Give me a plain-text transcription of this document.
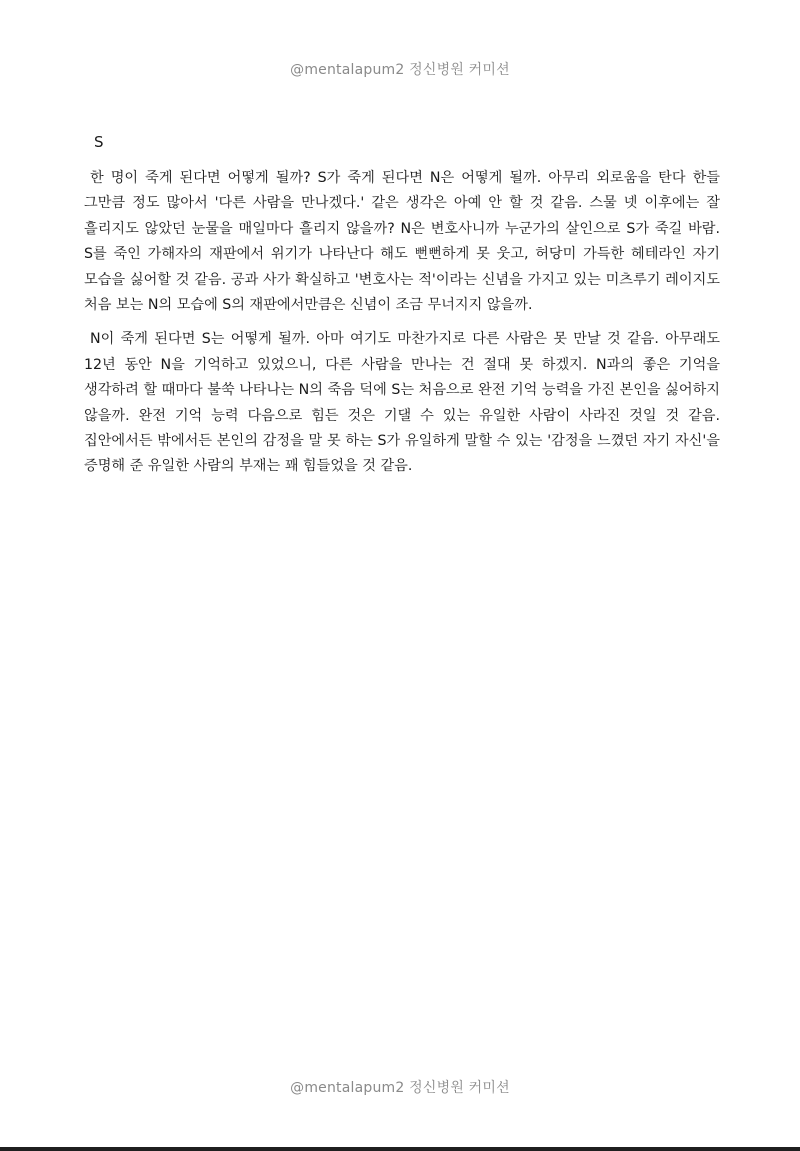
@mentalapum2 정신병원 커미션
S

한 명이 죽게 된다면 어떻게 될까? S가 죽게 된다면 N은 어떻게 될까. 아무리 외로움을 탄다 한들 그만큼 정도 많아서 '다른 사람을 만나겠다.' 같은 생각은 아예 안 할 것 같음. 스물 넷 이후에는 잘 흘리지도 않았던 눈물을 매일마다 흘리지 않을까? N은 변호사니까 누군가의 살인으로 S가 죽길 바람. S를 죽인 가해자의 재판에서 위기가 나타난다 해도 뻔뻔하게 못 웃고, 허당미 가득한 헤테라인 자기 모습을 싫어할 것 같음. 공과 사가 확실하고 '변호사는 적'이라는 신념을 가지고 있는 미츠루기 레이지도 처음 보는 N의 모습에 S의 재판에서만큼은 신념이 조금 무너지지 않을까.

N이 죽게 된다면 S는 어떻게 될까. 아마 여기도 마찬가지로 다른 사람은 못 만날 것 같음. 아무래도 12년 동안 N을 기억하고 있었으니, 다른 사람을 만나는 건 절대 못 하겠지. N과의 좋은 기억을 생각하려 할 때마다 불쑥 나타나는 N의 죽음 덕에 S는 처음으로 완전 기억 능력을 가진 본인을 싫어하지 않을까. 완전 기억 능력 다음으로 힘든 것은 기댈 수 있는 유일한 사람이 사라진 것일 것 같음. 집안에서든 밖에서든 본인의 감정을 말 못 하는 S가 유일하게 말할 수 있는 '감정을 느꼈던 자기 자신'을 증명해 준 유일한 사람의 부재는 꽤 힘들었을 것 같음.

@mentalapum2 정신병원 커미션
